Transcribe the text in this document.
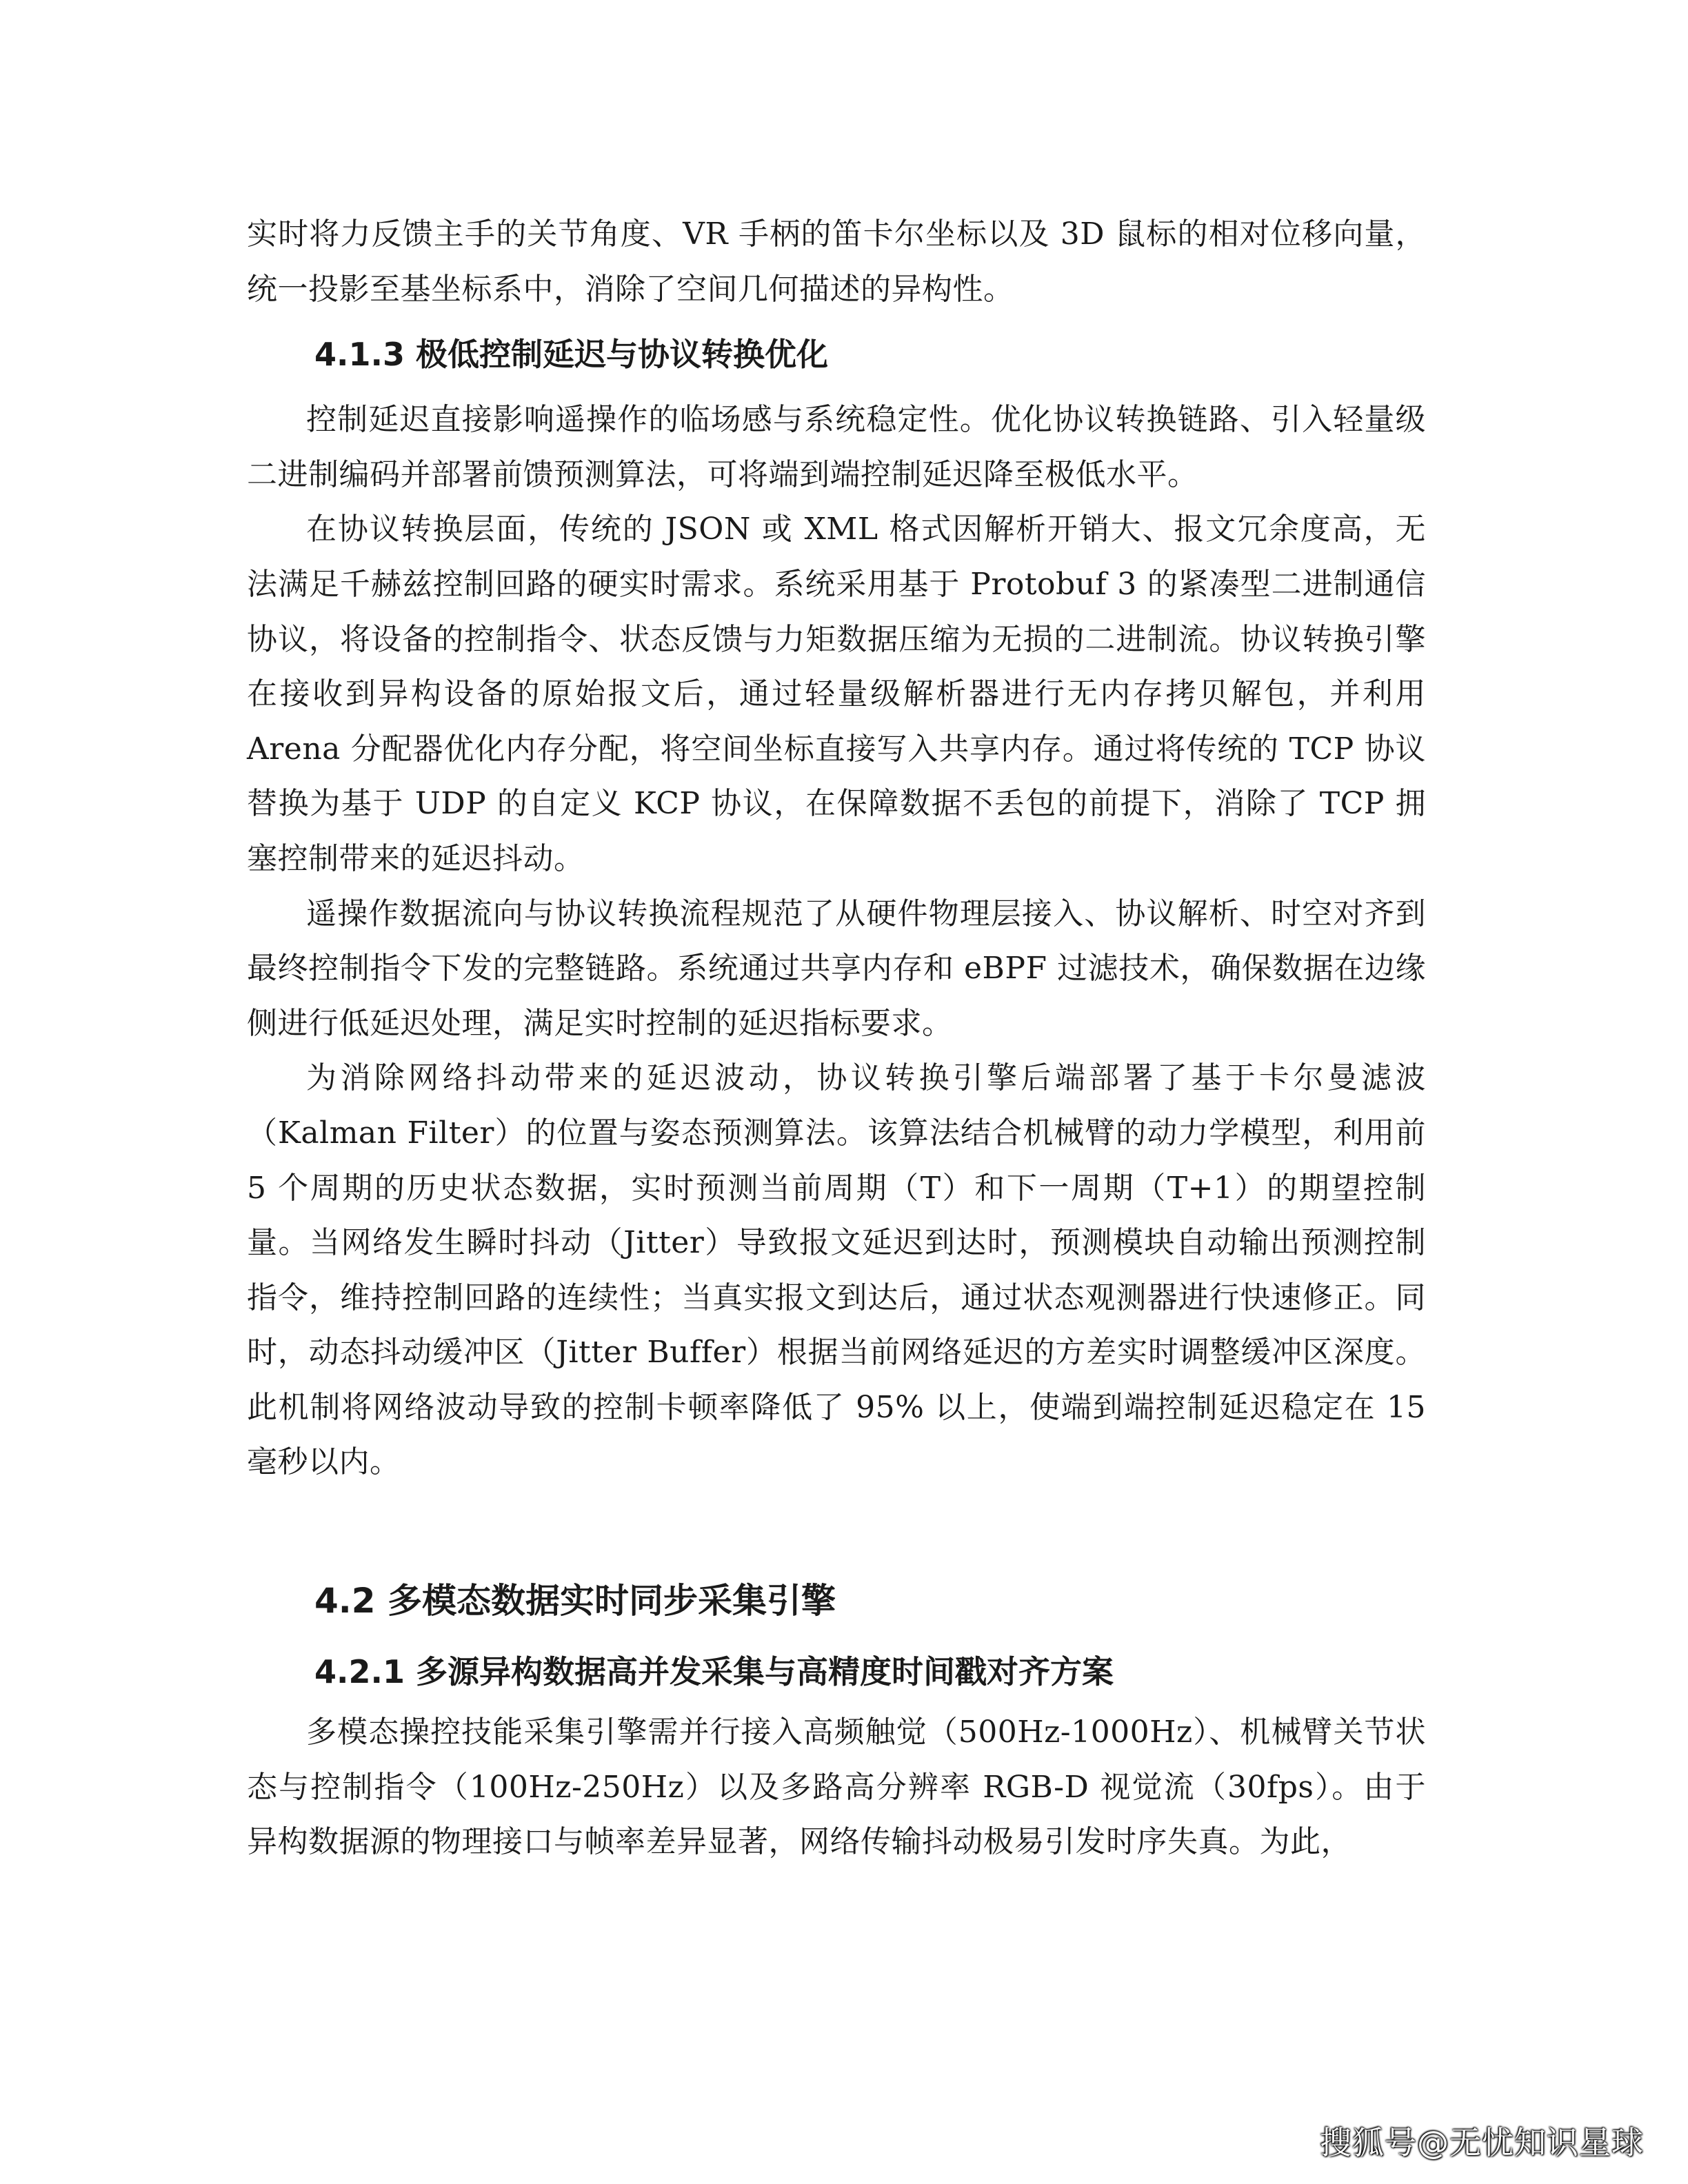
实时将力反馈主手的关节角度、VR 手柄的笛卡尔坐标以及 3D 鼠标的相对位移向量，统一投影至基坐标系中，消除了空间几何描述的异构性。

4.1.3 极低控制延迟与协议转换优化

控制延迟直接影响遥操作的临场感与系统稳定性。优化协议转换链路、引入轻量级二进制编码并部署前馈预测算法，可将端到端控制延迟降至极低水平。

在协议转换层面，传统的 JSON 或 XML 格式因解析开销大、报文冗余度高，无法满足千赫兹控制回路的硬实时需求。系统采用基于 Protobuf 3 的紧凑型二进制通信协议，将设备的控制指令、状态反馈与力矩数据压缩为无损的二进制流。协议转换引擎在接收到异构设备的原始报文后，通过轻量级解析器进行无内存拷贝解包，并利用 Arena 分配器优化内存分配，将空间坐标直接写入共享内存。通过将传统的 TCP 协议替换为基于 UDP 的自定义 KCP 协议，在保障数据不丢包的前提下，消除了 TCP 拥塞控制带来的延迟抖动。

遥操作数据流向与协议转换流程规范了从硬件物理层接入、协议解析、时空对齐到最终控制指令下发的完整链路。系统通过共享内存和 eBPF 过滤技术，确保数据在边缘侧进行低延迟处理，满足实时控制的延迟指标要求。

为消除网络抖动带来的延迟波动，协议转换引擎后端部署了基于卡尔曼滤波（Kalman Filter）的位置与姿态预测算法。该算法结合机械臂的动力学模型，利用前 5 个周期的历史状态数据，实时预测当前周期（T）和下一周期（T+1）的期望控制量。当网络发生瞬时抖动（Jitter）导致报文延迟到达时，预测模块自动输出预测控制指令，维持控制回路的连续性；当真实报文到达后，通过状态观测器进行快速修正。同时，动态抖动缓冲区（Jitter Buffer）根据当前网络延迟的方差实时调整缓冲区深度。此机制将网络波动导致的控制卡顿率降低了 95% 以上，使端到端控制延迟稳定在 15 毫秒以内。

4.2 多模态数据实时同步采集引擎
4.2.1 多源异构数据高并发采集与高精度时间戳对齐方案

多模态操控技能采集引擎需并行接入高频触觉（500Hz-1000Hz）、机械臂关节状态与控制指令（100Hz-250Hz）以及多路高分辨率 RGB-D 视觉流（30fps）。由于异构数据源的物理接口与帧率差异显著，网络传输抖动极易引发时序失真。为此，

搜狐号@无忧知识星球
